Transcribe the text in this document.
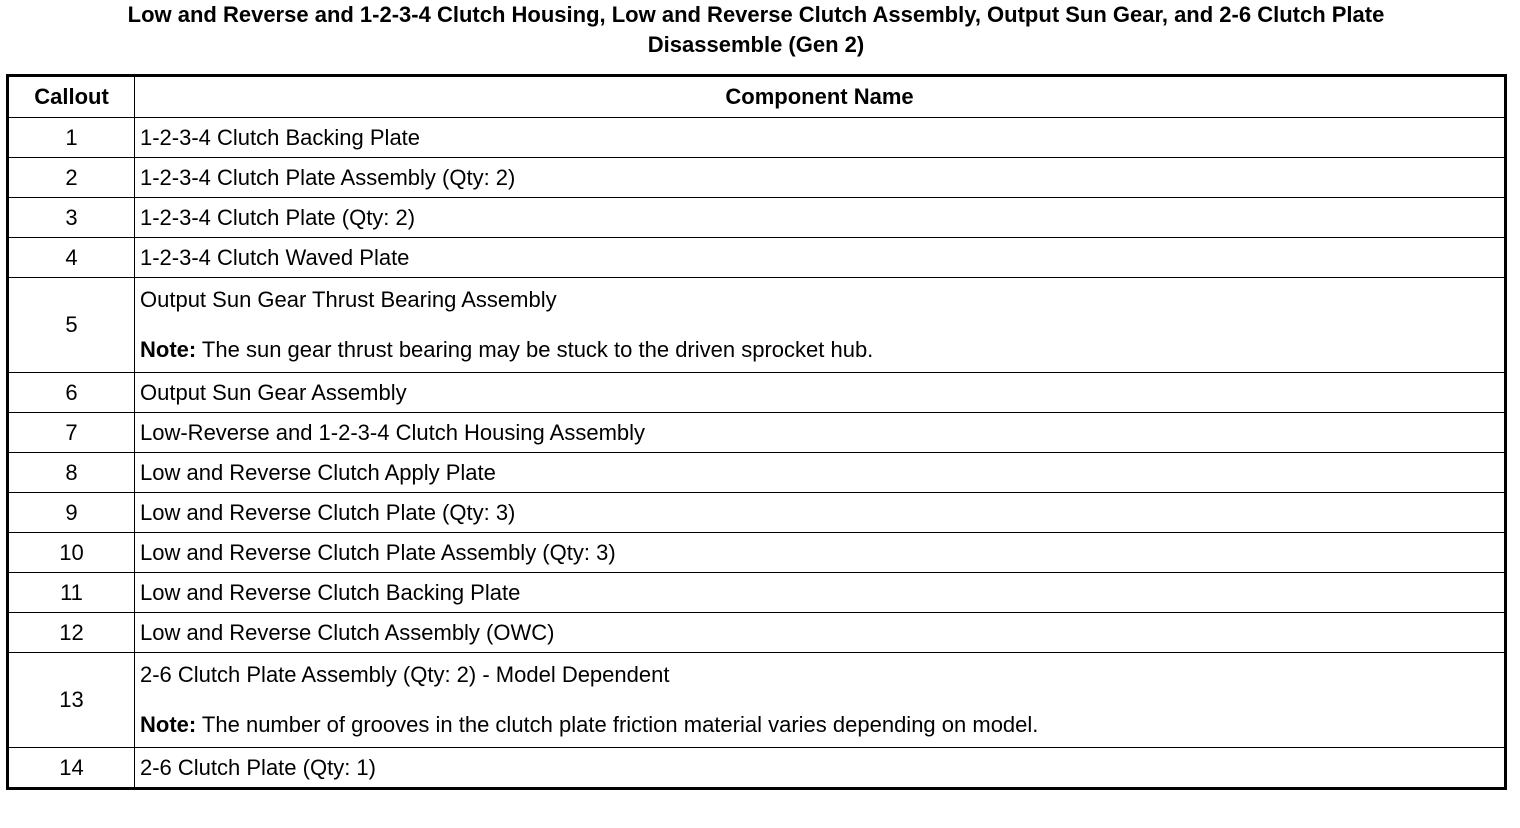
Low and Reverse and 1-2-3-4 Clutch Housing, Low and Reverse Clutch Assembly, Output Sun Gear, and 2-6 Clutch Plate
Disassemble (Gen 2)
Callout	Component Name
1	1-2-3-4 Clutch Backing Plate
2	1-2-3-4 Clutch Plate Assembly (Qty: 2)
3	1-2-3-4 Clutch Plate (Qty: 2)
4	1-2-3-4 Clutch Waved Plate
5	Output Sun Gear Thrust Bearing Assembly
Note: The sun gear thrust bearing may be stuck to the driven sprocket hub.

6	Output Sun Gear Assembly
7	Low-Reverse and 1-2-3-4 Clutch Housing Assembly
8	Low and Reverse Clutch Apply Plate
9	Low and Reverse Clutch Plate (Qty: 3)
10	Low and Reverse Clutch Plate Assembly (Qty: 3)
11	Low and Reverse Clutch Backing Plate
12	Low and Reverse Clutch Assembly (OWC)
13	2-6 Clutch Plate Assembly (Qty: 2) - Model Dependent
Note: The number of grooves in the clutch plate friction material varies depending on model.

14	2-6 Clutch Plate (Qty: 1)
